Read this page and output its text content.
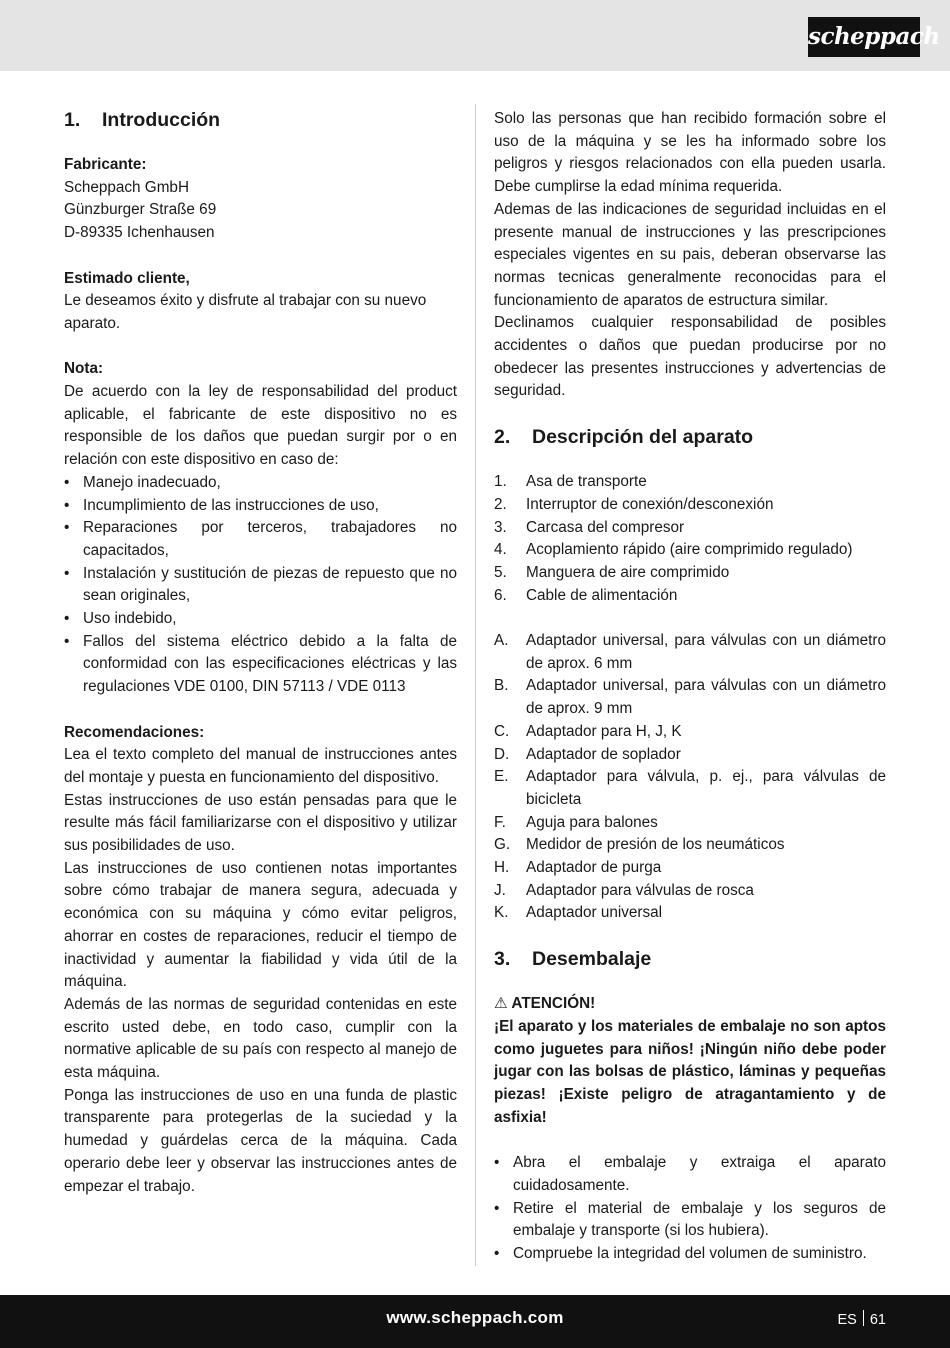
scheppach
1.	Introducción
Fabricante:
Scheppach GmbH
Günzburger Straße 69
D-89335 Ichenhausen
Estimado cliente,
Le deseamos éxito y disfrute al trabajar con su nuevo aparato.
Nota:
De acuerdo con la ley de responsabilidad del product aplicable, el fabricante de este dispositivo no es responsible de los daños que puedan surgir por o en relación con este dispositivo en caso de:
• Manejo inadecuado,
• Incumplimiento de las instrucciones de uso,
• Reparaciones por terceros, trabajadores no capacitados,
• Instalación y sustitución de piezas de repuesto que no sean originales,
• Uso indebido,
• Fallos del sistema eléctrico debido a la falta de conformidad con las especificaciones eléctricas y las regulaciones VDE 0100, DIN 57113 / VDE 0113
Recomendaciones:
Lea el texto completo del manual de instrucciones antes del montaje y puesta en funcionamiento del dispositivo.
Estas instrucciones de uso están pensadas para que le resulte más fácil familiarizarse con el dispositivo y utilizar sus posibilidades de uso.
Las instrucciones de uso contienen notas importantes sobre cómo trabajar de manera segura, adecuada y económica con su máquina y cómo evitar peligros, ahorrar en costes de reparaciones, reducir el tiempo de inactividad y aumentar la fiabilidad y vida útil de la máquina.
Además de las normas de seguridad contenidas en este escrito usted debe, en todo caso, cumplir con la normative aplicable de su país con respecto al manejo de esta máquina.
Ponga las instrucciones de uso en una funda de plastic transparente para protegerlas de la suciedad y la humedad y guárdelas cerca de la máquina. Cada operario debe leer y observar las instrucciones antes de empezar el trabajo.
Solo las personas que han recibido formación sobre el uso de la máquina y se les ha informado sobre los peligros y riesgos relacionados con ella pueden usarla. Debe cumplirse la edad mínima requerida.
Ademas de las indicaciones de seguridad incluidas en el presente manual de instrucciones y las prescripciones especiales vigentes en su pais, deberan observarse las normas tecnicas generalmente reconocidas para el funcionamiento de aparatos de estructura similar.
Declinamos cualquier responsabilidad de posibles accidentes o daños que puedan producirse por no obedecer las presentes instrucciones y advertencias de seguridad.
2.	Descripción del aparato
1.	Asa de transporte
2.	Interruptor de conexión/desconexión
3.	Carcasa del compresor
4.	Acoplamiento rápido (aire comprimido regulado)
5.	Manguera de aire comprimido
6.	Cable de alimentación
A.	Adaptador universal, para válvulas con un diámetro de aprox. 6 mm
B.	Adaptador universal, para válvulas con un diámetro de aprox. 9 mm
C.	Adaptador para H, J, K
D.	Adaptador de soplador
E.	Adaptador para válvula, p. ej., para válvulas de bicicleta
F.	Aguja para balones
G.	Medidor de presión de los neumáticos
H.	Adaptador de purga
J.	Adaptador para válvulas de rosca
K.	Adaptador universal
3.	Desembalaje
⚠ ATENCIÓN!
¡El aparato y los materiales de embalaje no son aptos como juguetes para niños! ¡Ningún niño debe poder jugar con las bolsas de plástico, láminas y pequeñas piezas! ¡Existe peligro de atragantamiento y de asfixia!
• Abra el embalaje y extraiga el aparato cuidadosamente.
• Retire el material de embalaje y los seguros de embalaje y transporte (si los hubiera).
• Compruebe la integridad del volumen de suministro.
www.scheppach.com	ES 61
